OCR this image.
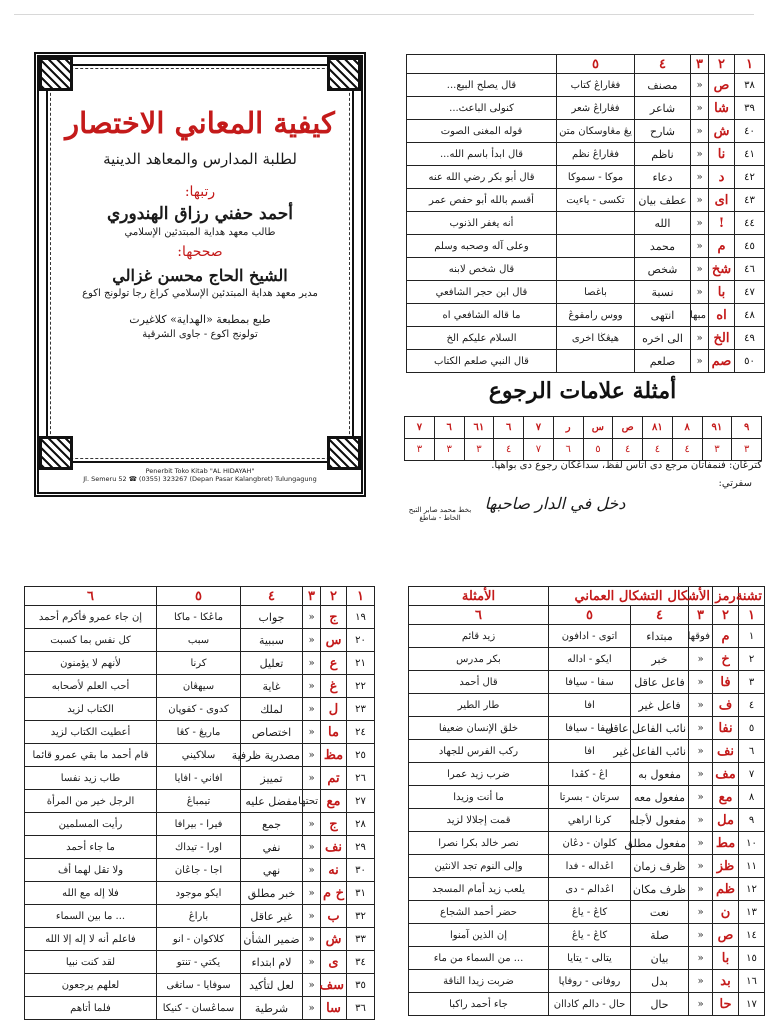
كيفية المعاني الاختصار
لطلبة المدارس والمعاهد الدينية
رتبها:
أحمد حفني رزاق الهندوري
طالب معهد هداية المبتدئين الإسلامي
صححها:
الشيخ الحاج محسن غزالي
مدير معهد هداية المبتدئين الإسلامي كراغ رجا تولونج اكوع
طبع بمطبعة «الهداية» كلاغيرت
تولونج اكوع - جاوى الشرقية
Penerbit Toko Kitab "AL HIDAYAH"
Jl. Semeru 52 ☎ (0355) 323267 (Depan Pasar Kalangbret) Tulungagung
١	٢	٣	٤	٥	
٣٨	ص	«	مصنف	فڠاراڠ كتاب	قال يصلح البيع...
٣٩	شا	«	شاعر	فڠاراڠ شعر	كنولى الباعث...
٤٠	ش	«	شارح	يڠ مڠاوسكان متن	قوله المغنى الصوت
٤١	نا	«	ناظم	فڠاراڠ نظم	قال ابدأ باسم الله...
٤٢	د	«	دعاء	موكا - سموكا	قال أبو بكر رضي الله عنه
٤٣	اى	«	عطف بيان	تكسى - ياءيت	أقسم بالله أبو حفص عمر
٤٤	!	«	الله		أنه يغفر الذنوب
٤٥	م	«	محمد		وعلى آله وصحبه وسلم
٤٦	شخ	«	شخص		قال شخص لابنه
٤٧	با	«	نسبة	باغصا	قال ابن حجر الشافعي
٤٨	اه	مبها	انتهى	ووس رامفوڠ	ما قاله الشافعي اه
٤٩	الخ	«	الى اخره	هيڠڬا اخرى	السلام عليكم الخ
٥٠	صم	«	صلعم		قال النبي صلعم الكتاب
أمثلة علامات الرجوع
٩	٩١	٨	٨١	ص	س	ر	٧	٦	٦١	٦	٧
٣	٣	٤	٤	٤	٥	٦	٧	٤	٣	٣	٣
كترڠان: فنمفاتان مرجع دى اتاس لفظ، سداڠكان رجوع دى بواهپا.
سفرتي:
دخل في الدار صاحبها
بخط محمد صابر التبح الخاط - شاطغ
١	٢	٣	٤	٥	٦
١٩	ج	«	جواب	ماڠكا - ماكا	إن جاء عمرو فأكرم أحمد
٢٠	س	«	سببية	سبب	كل نفس بما كسبت
٢١	ع	«	تعليل	كرنا	لأنهم لا يؤمنون
٢٢	غ	«	غاية	سيهڠان	أحب العلم لأصحابه
٢٣	ل	«	لملك	كدوى - كفوڽان	الكتاب لزيد
٢٤	ما	«	اختصاص	ماريڠ - كڠا	أعطيت الكتاب لزيد
٢٥	مظ	«	مصدرية ظرفية	سلاكيني	قام أحمد ما بقي عمرو قائما
٢٦	تم	«	تمييز	افاني - افايا	طاب زيد نفسا
٢٧	مع	تحتها	مفضل عليه	تيمباڠ	الرجل خير من المرأة
٢٨	ج	«	جمع	فيرا - بيرافا	رأيت المسلمين
٢٩	نف	«	نفي	اورا - تيداك	ما جاء أحمد
٣٠	نه	«	نهي	اجا - جاڠان	ولا تقل لهما أف
٣١	خ م	«	خبر مطلق	ايكو موجود	فلا إله مع الله
٣٢	ب	«	غير عاقل	باراڠ	... ما بين السماء
٣٣	ش	«	ضمير الشأن	كلاكوان - انو	فاعلم أنه لا إله إلا الله
٣٤	ى	«	لام ابتداء	يكتي - تنتو	لقد كنت نبيا
٣٥	سف	«	لعل لتأكيد	سوفايا - ساتڠى	لعلهم يرجعون
٣٦	سا	«	شرطية	سماڠسان - كنيكا	فلما أتاهم
تشنة	رمز	الأشكال	التشكال العماني		الأمثلة
١	٢	٣	٤	٥	٦
١	م	فوقها	مبتداء	اتوى - ادافون	زيد قائم
٢	خ	«	خبر	ايكو - اداله	بكر مدرس
٣	فا	«	فاعل عاقل	سفا - سيافا	قال أحمد
٤	ف	«	فاعل غير	افا	طار الطير
٥	نفا	«	نائب الفاعل عاقل	سفا - سيافا	خلق الإنسان ضعيفا
٦	نف	«	نائب الفاعل غير	افا	ركب الفرس للجهاد
٧	مف	«	مفعول به	اڠ - كڤدا	ضرب زيد عمرا
٨	مع	«	مفعول معه	سرتان - بسرتا	ما أنت وزيدا
٩	مل	«	مفعول لأجله	كرنا اراهي	قمت إجلالا لزيد
١٠	مط	«	مفعول مطلق	كلوان - دڠان	نصر خالد بكرا نصرا
١١	ظز	«	ظرف زمان	اڠداله - فدا	وإلى النوم تجد الانثين
١٢	ظم	«	ظرف مكان	اڠدالم - دى	يلعب زيد أمام المسجد
١٣	ن	«	نعت	كاڠ - ياڠ	حضر أحمد الشجاع
١٤	ص	«	صلة	كاڠ - ياڠ	إن الذين آمنوا
١٥	با	«	بيان	يتالى - يتايا	... من السماء من ماء
١٦	بد	«	بدل	روفانى - روفاپا	ضربت زيدا الناقة
١٧	حا	«	حال	حال - دالم كاداان	جاء أحمد راكبا
